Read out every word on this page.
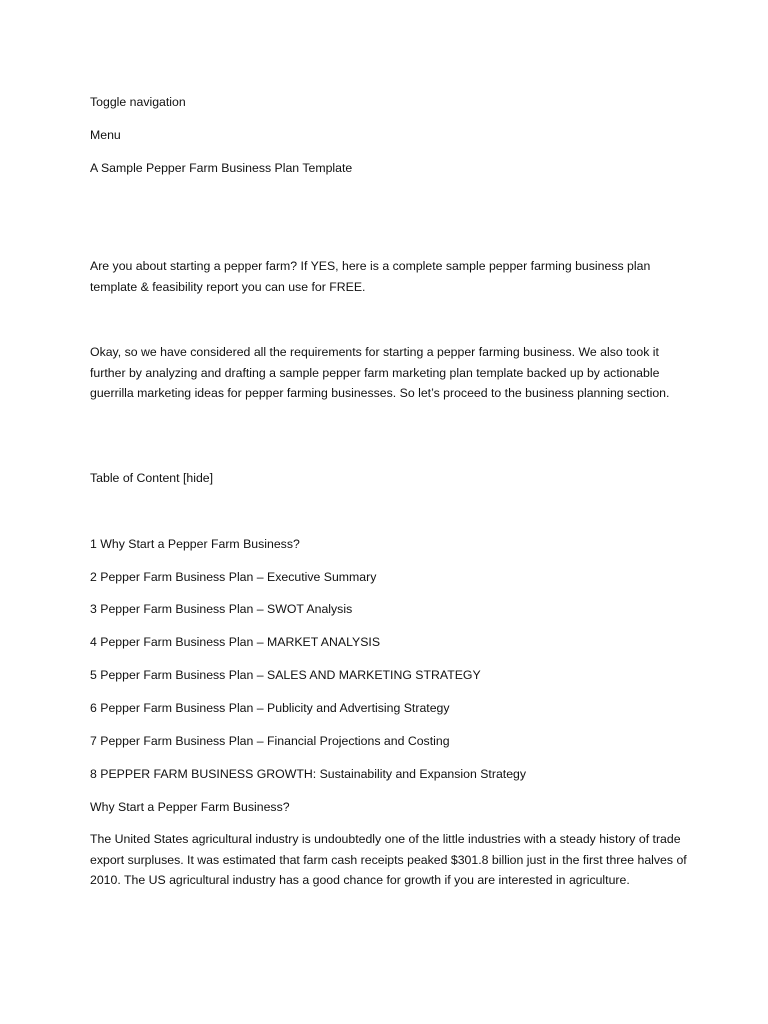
Toggle navigation

Menu

A Sample Pepper Farm Business Plan Template

Are you about starting a pepper farm? If YES, here is a complete sample pepper farming business plan template & feasibility report you can use for FREE.

Okay, so we have considered all the requirements for starting a pepper farming business. We also took it further by analyzing and drafting a sample pepper farm marketing plan template backed up by actionable guerrilla marketing ideas for pepper farming businesses. So let’s proceed to the business planning section.

Table of Content [hide]

1 Why Start a Pepper Farm Business?

2 Pepper Farm Business Plan – Executive Summary

3 Pepper Farm Business Plan – SWOT Analysis

4 Pepper Farm Business Plan – MARKET ANALYSIS

5 Pepper Farm Business Plan – SALES AND MARKETING STRATEGY

6 Pepper Farm Business Plan – Publicity and Advertising Strategy

7 Pepper Farm Business Plan – Financial Projections and Costing

8 PEPPER FARM BUSINESS GROWTH: Sustainability and Expansion Strategy

Why Start a Pepper Farm Business?

The United States agricultural industry is undoubtedly one of the little industries with a steady history of trade export surpluses. It was estimated that farm cash receipts peaked $301.8 billion just in the first three halves of 2010. The US agricultural industry has a good chance for growth if you are interested in agriculture.
